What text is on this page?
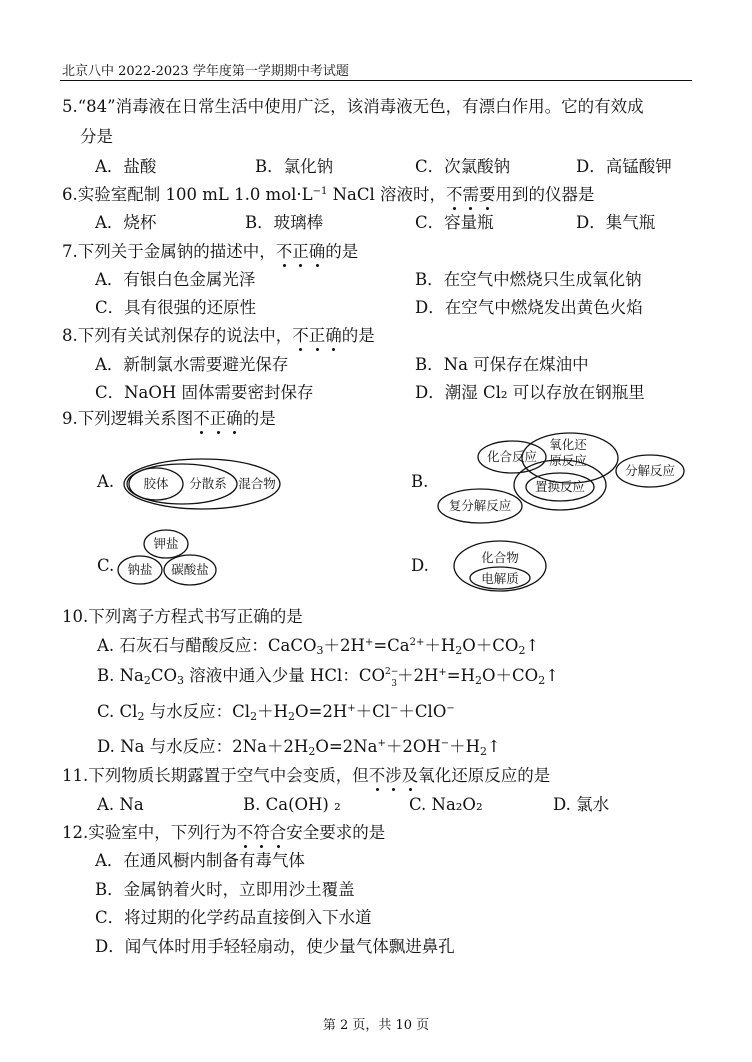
北京八中 2022-2023 学年度第一学期期中考试题
5.“84”消毒液在日常生活中使用广泛，该消毒液无色，有漂白作用。它的有效成
分是
A．盐酸	B．氯化钠	C．次氯酸钠	D．高锰酸钾
6.实验室配制 100 mL 1.0 $mol\cdot L^{-1}$ NaCl 溶液时，不需要用到的仪器是
A．烧杯	B．玻璃棒	C．容量瓶	D．集气瓶
7.下列关于金属钠的描述中，不正确的是
A．有银白色金属光泽	B．在空气中燃烧只生成氧化钠
C．具有很强的还原性	D．在空气中燃烧发出黄色火焰
8.下列有关试剂保存的说法中，不正确的是
A．新制氯水需要避光保存	B．Na 可保存在煤油中
C．NaOH 固体需要密封保存	D．潮湿 Cl₂ 可以存放在钢瓶里
9.下列逻辑关系图不正确的是
A. 胶体 分散系 混合物	B.
化合反应
氧化还
原反应
分解反应
置换反应
复分解反应
C.
钾盐
钠盐 碳酸盐	D.	化合物
电解质
10.下列离子方程式书写正确的是
A. 石灰石与醋酸反应：$CaCO_3+2H^+=Ca^{2+}+H_2O+CO_2↑$
B. $Na_2CO_3$ 溶液中通入少量 HCl：$CO^{2-}_3+2H^+=H_2O+CO_2↑$
C. $Cl_2$ 与水反应：$Cl_2+H_2O=2H^++Cl^-+ClO^-$
D. Na 与水反应：$2Na+2H_2O=2Na^++2OH^-+H_2↑$
11.下列物质长期露置于空气中会变质，但不涉及氧化还原反应的是
A. Na	B. Ca(OH) ₂	C. Na₂O₂	D. 氯水
12.实验室中，下列行为不符合安全要求的是
A．在通风橱内制备有毒气体
B．金属钠着火时，立即用沙土覆盖
C．将过期的化学药品直接倒入下水道
D．闻气体时用手轻轻扇动，使少量气体飘进鼻孔
第 2 页，共 10 页
